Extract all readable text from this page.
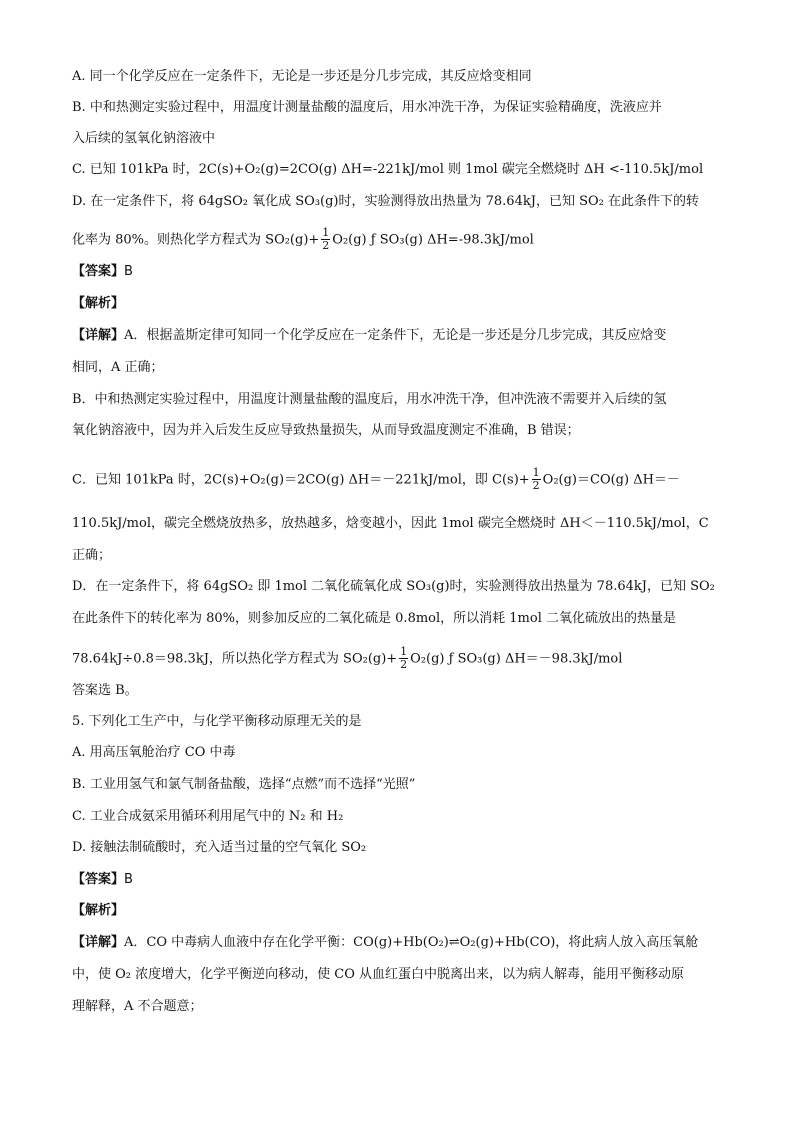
A. 同一个化学反应在一定条件下，无论是一步还是分几步完成，其反应焓变相同
B. 中和热测定实验过程中，用温度计测量盐酸的温度后，用水冲洗干净，为保证实验精确度，洗液应并
入后续的氢氧化钠溶液中
C. 已知 101kPa 时，2C(s)+O₂(g)=2CO(g) ΔH=-221kJ/mol 则 1mol 碳完全燃烧时 ΔH <-110.5kJ/mol
D. 在一定条件下，将 64gSO₂ 氧化成 SO₃(g)时，实验测得放出热量为 78.64kJ，已知 SO₂ 在此条件下的转
化率为 80%。则热化学方程式为 $SO_2(g)+ \frac{1}{2} O_2(g)$ ƒ SO₃(g) ΔH=-98.3kJ/mol
【答案】B
【解析】
【详解】A．根据盖斯定律可知同一个化学反应在一定条件下，无论是一步还是分几步完成，其反应焓变
相同，A 正确；
B．中和热测定实验过程中，用温度计测量盐酸的温度后，用水冲洗干净，但冲洗液不需要并入后续的氢
氧化钠溶液中，因为并入后发生反应导致热量损失，从而导致温度测定不准确，B 错误；
C．已知 101kPa 时，2C(s)+O₂(g)＝2CO(g) ΔH＝－221kJ/mol，即 $C(s)+ \frac{1}{2} O_2(g)=CO(g)$ ΔH＝－
110.5kJ/mol，碳完全燃烧放热多，放热越多，焓变越小，因此 1mol 碳完全燃烧时 ΔH＜－110.5kJ/mol，C
正确；
D．在一定条件下，将 64gSO₂ 即 1mol 二氧化硫氧化成 SO₃(g)时，实验测得放出热量为 78.64kJ，已知 SO₂
在此条件下的转化率为 80%，则参加反应的二氧化硫是 0.8mol，所以消耗 1mol 二氧化硫放出的热量是
78.64kJ÷0.8＝98.3kJ，所以热化学方程式为 $SO_2(g)+ \frac{1}{2} O_2(g)$ ƒ SO₃(g) ΔH＝－98.3kJ/mol
答案选 B。
5. 下列化工生产中，与化学平衡移动原理无关的是
A. 用高压氧舱治疗 CO 中毒
B. 工业用氢气和氯气制备盐酸，选择“点燃”而不选择“光照”
C. 工业合成氨采用循环利用尾气中的 N₂ 和 H₂
D. 接触法制硫酸时，充入适当过量的空气氧化 SO₂
【答案】B
【解析】
【详解】A．CO 中毒病人血液中存在化学平衡：CO(g)+Hb(O₂)⇌O₂(g)+Hb(CO)，将此病人放入高压氧舱
中，使 O₂ 浓度增大，化学平衡逆向移动，使 CO 从血红蛋白中脱离出来，以为病人解毒，能用平衡移动原
理解释，A 不合题意；
